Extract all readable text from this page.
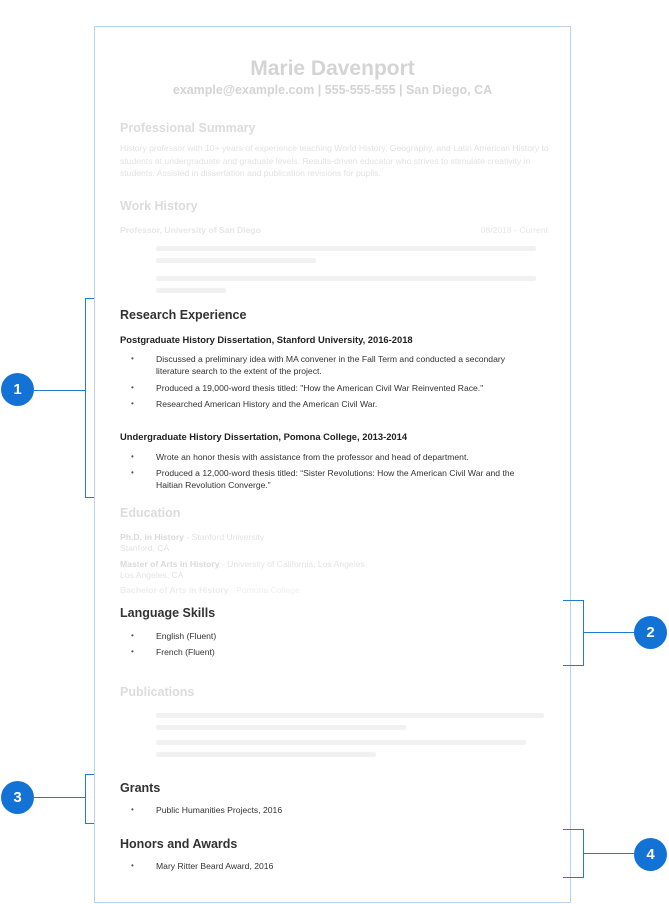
Marie Davenport
example@example.com | 555-555-555 | San Diego, CA
Professional Summary
History professor with 10+ years of experience teaching World History, Geography, and Latin American History to students at undergraduate and graduate levels. Results-driven educator who strives to stimulate creativity in students. Assisted in dissertation and publication revisions for pupils.
Work History
Professor, University of San Diego	08/2018 - Current
Research Experience
Postgraduate History Dissertation, Stanford University, 2016-2018
•	Discussed a preliminary idea with MA convener in the Fall Term and conducted a secondary literature search to the extent of the project.
•	Produced a 19,000-word thesis titled: "How the American Civil War Reinvented Race."
•	Researched American History and the American Civil War.
Undergraduate History Dissertation, Pomona College, 2013-2014
•	Wrote an honor thesis with assistance from the professor and head of department.
•	Produced a 12,000-word thesis titled: “Sister Revolutions: How the American Civil War and the Haitian Revolution Converge.”
Education
Ph.D. in History - Stanford University
Stanford, CA
Master of Arts in History - University of California, Los Angeles
Los Angeles, CA
Bachelor of Arts in History - Pomona College
Language Skills
•	English (Fluent)
•	French (Fluent)
Publications
Grants
•	Public Humanities Projects, 2016
Honors and Awards
•	Mary Ritter Beard Award, 2016
1
2
3
4
